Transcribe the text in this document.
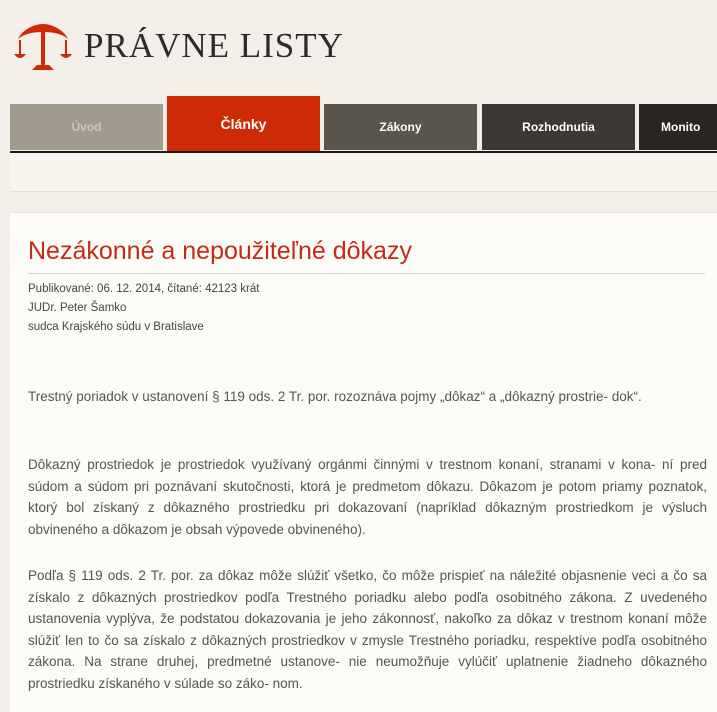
PRÁVNE LISTY
Úvod	Články	Zákony	Rozhodnutia	Monito
Nezákonné a nepoužiteľné dôkazy
Publikované: 06. 12. 2014, čítané: 42123 krát
JUDr. Peter Šamko
sudca Krajského súdu v Bratislave

Trestný poriadok v ustanovení § 119 ods. 2 Tr. por. rozoznáva pojmy „dôkaz“ a „dôkazný prostrie- dok“.

Dôkazný prostriedok je prostriedok využívaný orgánmi činnými v trestnom konaní, stranami v kona- ní pred súdom a súdom pri poznávaní skutočnosti, ktorá je predmetom dôkazu. Dôkazom je potom priamy poznatok, ktorý bol získaný z dôkazného prostriedku pri dokazovaní (napríklad dôkazným prostriedkom je výsluch obvineného a dôkazom je obsah výpovede obvineného).

Podľa § 119 ods. 2 Tr. por. za dôkaz môže slúžiť všetko, čo môže prispieť na náležité objasnenie veci a čo sa získalo z dôkazných prostriedkov podľa Trestného poriadku alebo podľa osobitného zákona. Z uvedeného ustanovenia vyplýva, že podstatou dokazovania je jeho zákonnosť, nakoľko za dôkaz v trestnom konaní môže slúžiť len to čo sa získalo z dôkazných prostriedkov v zmysle Trestného poriadku, respektíve podľa osobitného zákona. Na strane druhej, predmetné ustanove- nie neumožňuje vylúčiť uplatnenie žiadneho dôkazného prostriedku získaného v súlade so záko- nom.
